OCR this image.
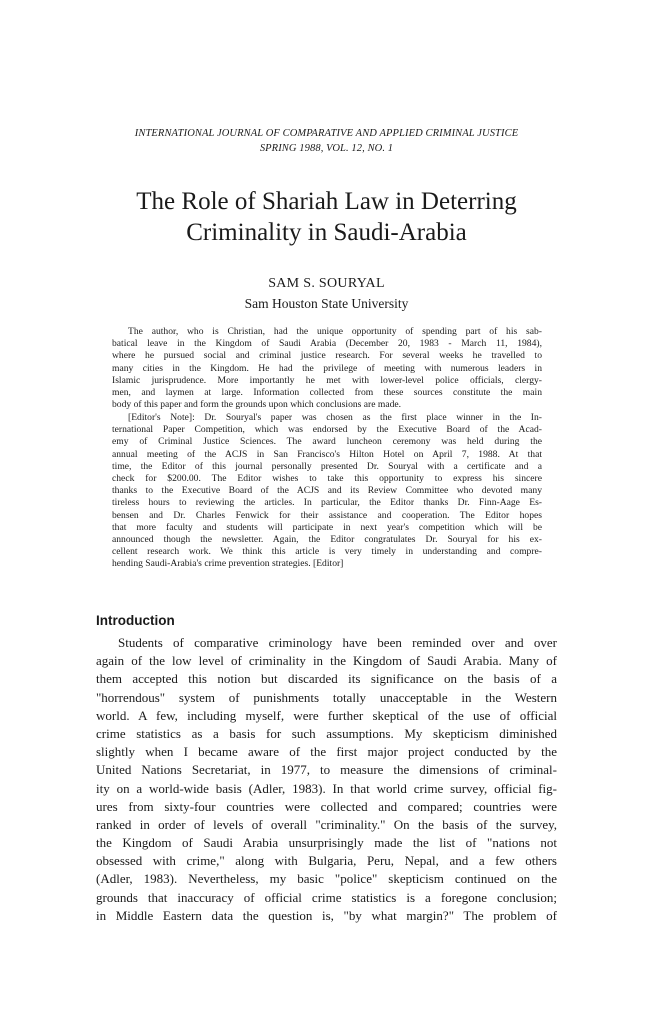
INTERNATIONAL JOURNAL OF COMPARATIVE AND APPLIED CRIMINAL JUSTICE
SPRING 1988, VOL. 12, NO. 1
The Role of Shariah Law in Deterring
Criminality in Saudi-Arabia
SAM S. SOURYAL
Sam Houston State University
The author, who is Christian, had the unique opportunity of spending part of his sab-
batical leave in the Kingdom of Saudi Arabia (December 20, 1983 - March 11, 1984),
where he pursued social and criminal justice research. For several weeks he travelled to
many cities in the Kingdom. He had the privilege of meeting with numerous leaders in
Islamic jurisprudence. More importantly he met with lower-level police officials, clergy-
men, and laymen at large. Information collected from these sources constitute the main
body of this paper and form the grounds upon which conclusions are made.
[Editor's Note]: Dr. Souryal's paper was chosen as the first place winner in the In-
ternational Paper Competition, which was endorsed by the Executive Board of the Acad-
emy of Criminal Justice Sciences. The award luncheon ceremony was held during the
annual meeting of the ACJS in San Francisco's Hilton Hotel on April 7, 1988. At that
time, the Editor of this journal personally presented Dr. Souryal with a certificate and a
check for $200.00. The Editor wishes to take this opportunity to express his sincere
thanks to the Executive Board of the ACJS and its Review Committee who devoted many
tireless hours to reviewing the articles. In particular, the Editor thanks Dr. Finn-Aage Es-
bensen and Dr. Charles Fenwick for their assistance and cooperation. The Editor hopes
that more faculty and students will participate in next year's competition which will be
announced though the newsletter. Again, the Editor congratulates Dr. Souryal for his ex-
cellent research work. We think this article is very timely in understanding and compre-
hending Saudi-Arabia's crime prevention strategies. [Editor]
Introduction
Students of comparative criminology have been reminded over and over
again of the low level of criminality in the Kingdom of Saudi Arabia. Many of
them accepted this notion but discarded its significance on the basis of a
"horrendous" system of punishments totally unacceptable in the Western
world. A few, including myself, were further skeptical of the use of official
crime statistics as a basis for such assumptions. My skepticism diminished
slightly when I became aware of the first major project conducted by the
United Nations Secretariat, in 1977, to measure the dimensions of criminal-
ity on a world-wide basis (Adler, 1983). In that world crime survey, official fig-
ures from sixty-four countries were collected and compared; countries were
ranked in order of levels of overall "criminality." On the basis of the survey,
the Kingdom of Saudi Arabia unsurprisingly made the list of "nations not
obsessed with crime," along with Bulgaria, Peru, Nepal, and a few others
(Adler, 1983). Nevertheless, my basic "police" skepticism continued on the
grounds that inaccuracy of official crime statistics is a foregone conclusion;
in Middle Eastern data the question is, "by what margin?" The problem of
